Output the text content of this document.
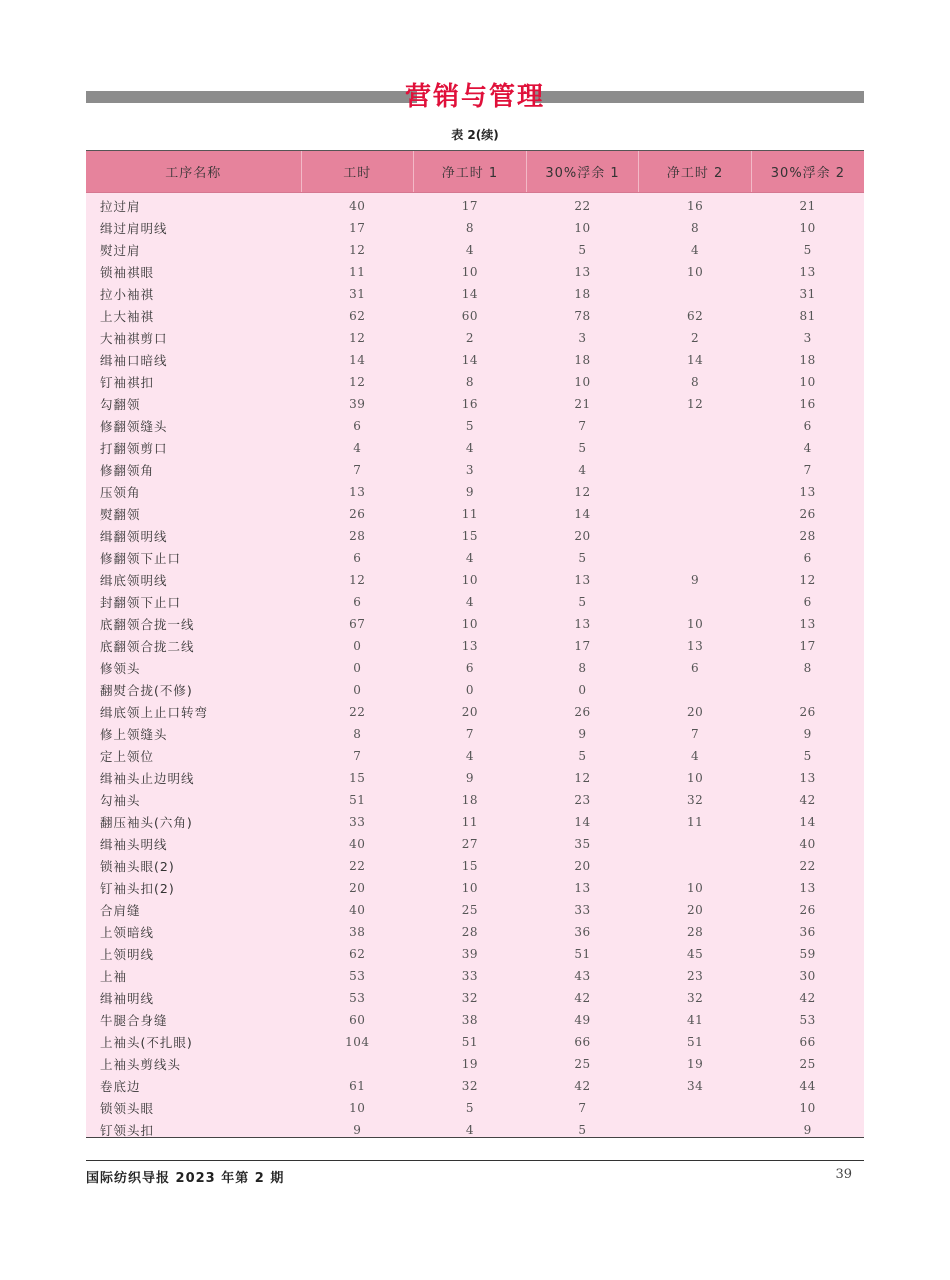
营销与管理
表 2(续)
工序名称	工时	净工时 1	30%浮余 1	净工时 2	30%浮余 2
拉过肩	40	17	22	16	21
缉过肩明线	17	8	10	8	10
熨过肩	12	4	5	4	5
锁袖祺眼	11	10	13	10	13
拉小袖祺	31	14	18		31
上大袖祺	62	60	78	62	81
大袖祺剪口	12	2	3	2	3
缉袖口暗线	14	14	18	14	18
钉袖祺扣	12	8	10	8	10
勾翻领	39	16	21	12	16
修翻领缝头	6	5	7		6
打翻领剪口	4	4	5		4
修翻领角	7	3	4		7
压领角	13	9	12		13
熨翻领	26	11	14		26
缉翻领明线	28	15	20		28
修翻领下止口	6	4	5		6
缉底领明线	12	10	13	9	12
封翻领下止口	6	4	5		6
底翻领合拢一线	67	10	13	10	13
底翻领合拢二线	0	13	17	13	17
修领头	0	6	8	6	8
翻熨合拢(不修)	0	0	0		
缉底领上止口转弯	22	20	26	20	26
修上领缝头	8	7	9	7	9
定上领位	7	4	5	4	5
缉袖头止边明线	15	9	12	10	13
勾袖头	51	18	23	32	42
翻压袖头(六角)	33	11	14	11	14
缉袖头明线	40	27	35		40
锁袖头眼(2)	22	15	20		22
钉袖头扣(2)	20	10	13	10	13
合肩缝	40	25	33	20	26
上领暗线	38	28	36	28	36
上领明线	62	39	51	45	59
上袖	53	33	43	23	30
缉袖明线	53	32	42	32	42
牛腿合身缝	60	38	49	41	53
上袖头(不扎眼)	104	51	66	51	66
上袖头剪线头		19	25	19	25
卷底边	61	32	42	34	44
锁领头眼	10	5	7		10
钉领头扣	9	4	5		9
国际纺织导报 2023 年第 2 期	39
